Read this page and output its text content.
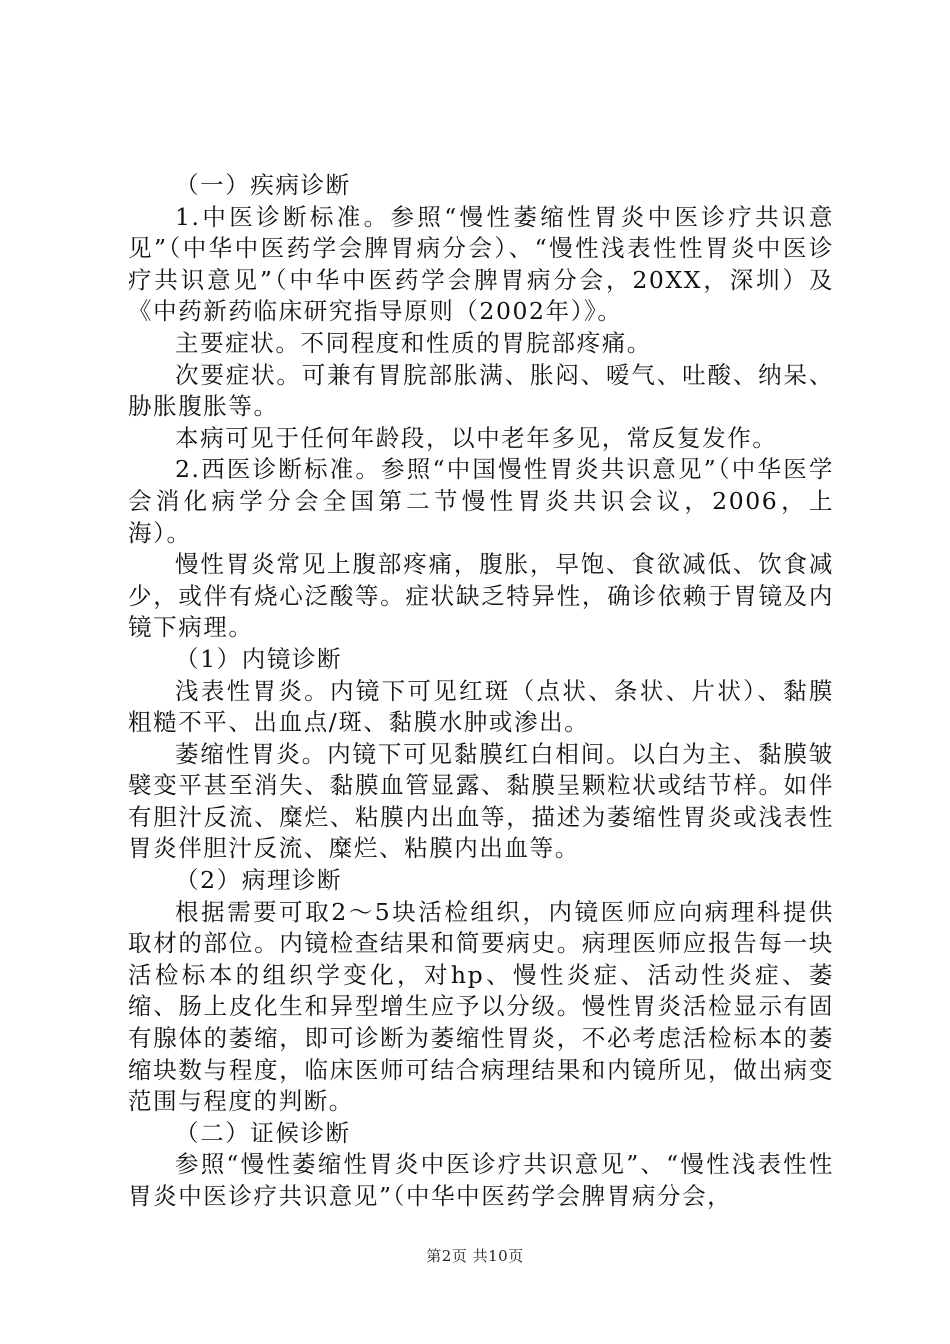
（一）疾病诊断

1.中医诊断标准。参照“慢性萎缩性胃炎中医诊疗共识意见”（中华中医药学会脾胃病分会）、“慢性浅表性性胃炎中医诊疗共识意见”（中华中医药学会脾胃病分会，20XX，深圳）及《中药新药临床研究指导原则（2002年）》。

主要症状。不同程度和性质的胃脘部疼痛。

次要症状。可兼有胃脘部胀满、胀闷、嗳气、吐酸、纳呆、胁胀腹胀等。

本病可见于任何年龄段，以中老年多见，常反复发作。

2.西医诊断标准。参照“中国慢性胃炎共识意见”（中华医学会消化病学分会全国第二节慢性胃炎共识会议，2006，上海）。

慢性胃炎常见上腹部疼痛，腹胀，早饱、食欲减低、饮食减少，或伴有烧心泛酸等。症状缺乏特异性，确诊依赖于胃镜及内镜下病理。

（1）内镜诊断

浅表性胃炎。内镜下可见红斑（点状、条状、片状）、黏膜粗糙不平、出血点/斑、黏膜水肿或渗出。

萎缩性胃炎。内镜下可见黏膜红白相间。以白为主、黏膜皱襞变平甚至消失、黏膜血管显露、黏膜呈颗粒状或结节样。如伴有胆汁反流、糜烂、粘膜内出血等，描述为萎缩性胃炎或浅表性胃炎伴胆汁反流、糜烂、粘膜内出血等。

（2）病理诊断

根据需要可取2～5块活检组织，内镜医师应向病理科提供取材的部位。内镜检查结果和简要病史。病理医师应报告每一块活检标本的组织学变化，对hp、慢性炎症、活动性炎症、萎缩、肠上皮化生和异型增生应予以分级。慢性胃炎活检显示有固有腺体的萎缩，即可诊断为萎缩性胃炎，不必考虑活检标本的萎缩块数与程度，临床医师可结合病理结果和内镜所见，做出病变范围与程度的判断。

（二）证候诊断

参照“慢性萎缩性胃炎中医诊疗共识意见”、“慢性浅表性性胃炎中医诊疗共识意见”（中华中医药学会脾胃病分会，

第2页 共10页
